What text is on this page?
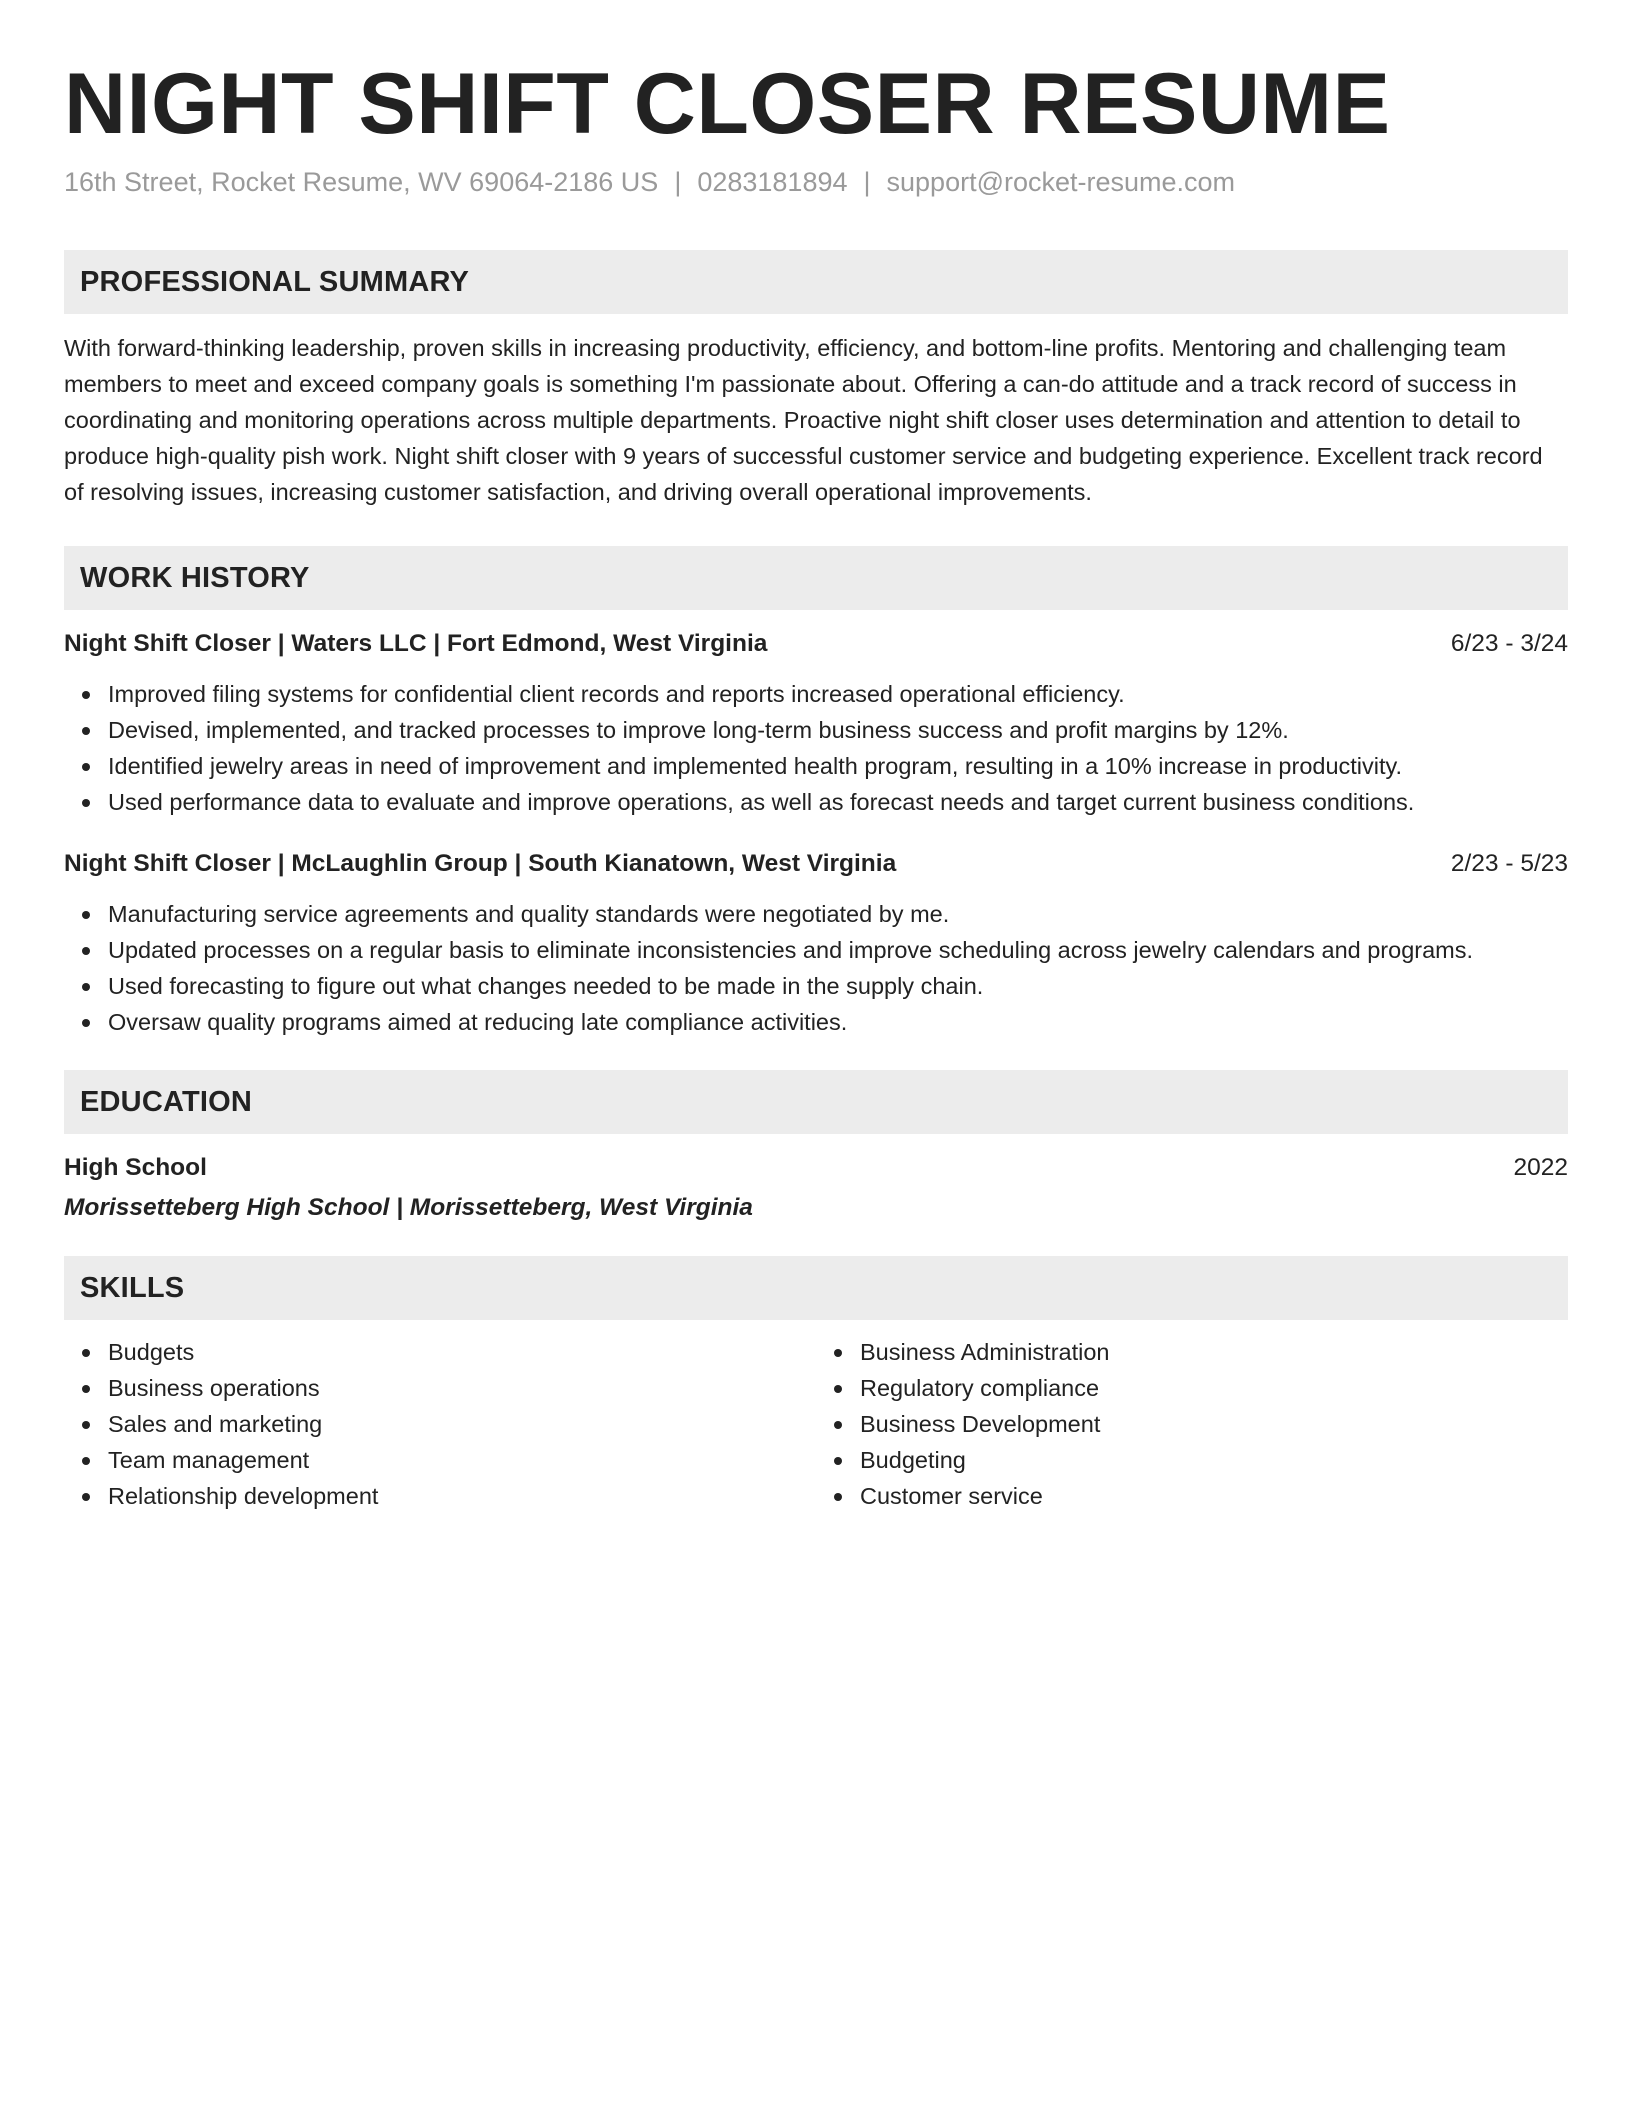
NIGHT SHIFT CLOSER RESUME
16th Street, Rocket Resume, WV 69064-2186 US | 0283181894 | support@rocket-resume.com
PROFESSIONAL SUMMARY
With forward-thinking leadership, proven skills in increasing productivity, efficiency, and bottom-line profits. Mentoring and challenging team members to meet and exceed company goals is something I'm passionate about. Offering a can-do attitude and a track record of success in coordinating and monitoring operations across multiple departments. Proactive night shift closer uses determination and attention to detail to produce high-quality pish work. Night shift closer with 9 years of successful customer service and budgeting experience. Excellent track record of resolving issues, increasing customer satisfaction, and driving overall operational improvements.
WORK HISTORY
Night Shift Closer | Waters LLC | Fort Edmond, West Virginia	6/23 - 3/24
Improved filing systems for confidential client records and reports increased operational efficiency.
Devised, implemented, and tracked processes to improve long-term business success and profit margins by 12%.
Identified jewelry areas in need of improvement and implemented health program, resulting in a 10% increase in productivity.
Used performance data to evaluate and improve operations, as well as forecast needs and target current business conditions.
Night Shift Closer | McLaughlin Group | South Kianatown, West Virginia	2/23 - 5/23
Manufacturing service agreements and quality standards were negotiated by me.
Updated processes on a regular basis to eliminate inconsistencies and improve scheduling across jewelry calendars and programs.
Used forecasting to figure out what changes needed to be made in the supply chain.
Oversaw quality programs aimed at reducing late compliance activities.
EDUCATION
High School	2022
Morissetteberg High School | Morissetteberg, West Virginia
SKILLS
Budgets
Business operations
Sales and marketing
Team management
Relationship development
Business Administration
Regulatory compliance
Business Development
Budgeting
Customer service
